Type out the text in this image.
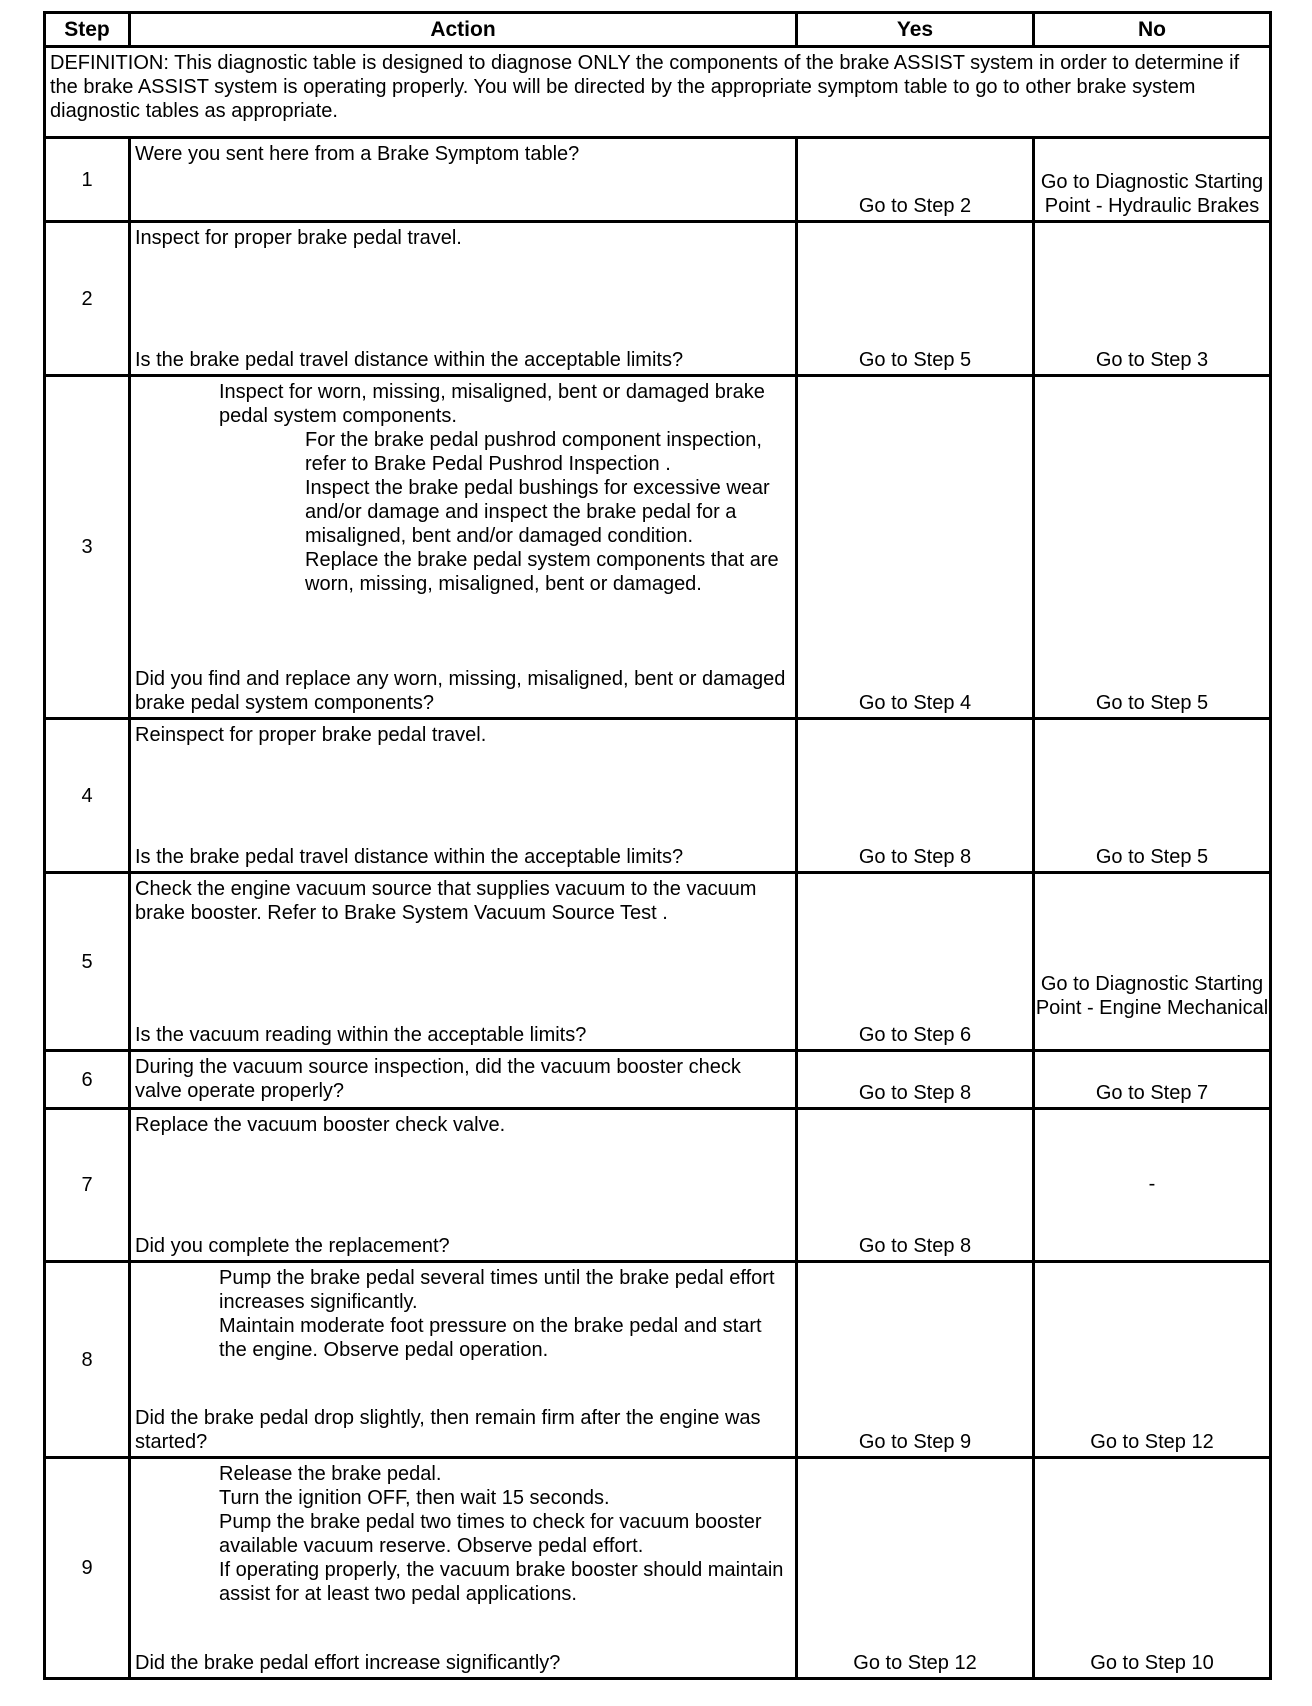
Step	Action	Yes	No
DEFINITION: This diagnostic table is designed to diagnose ONLY the components of the brake ASSIST system in order to determine if the brake ASSIST system is operating properly. You will be directed by the appropriate symptom table to go to other brake system diagnostic tables as appropriate.			
1	Were you sent here from a Brake Symptom table?	Go to Step 2	Go to Diagnostic Starting Point - Hydraulic Brakes
2	Inspect for proper brake pedal travel.
Is the brake pedal travel distance within the acceptable limits?	Go to Step 5	Go to Step 3
3	Inspect for worn, missing, misaligned, bent or damaged brake pedal system components.
For the brake pedal pushrod component inspection, refer to Brake Pedal Pushrod Inspection .
Inspect the brake pedal bushings for excessive wear and/or damage and inspect the brake pedal for a misaligned, bent and/or damaged condition.
Replace the brake pedal system components that are worn, missing, misaligned, bent or damaged.
Did you find and replace any worn, missing, misaligned, bent or damaged brake pedal system components?	Go to Step 4	Go to Step 5
4	Reinspect for proper brake pedal travel.
Is the brake pedal travel distance within the acceptable limits?	Go to Step 8	Go to Step 5
5	Check the engine vacuum source that supplies vacuum to the vacuum brake booster. Refer to Brake System Vacuum Source Test .
Is the vacuum reading within the acceptable limits?	Go to Step 6	Go to Diagnostic Starting Point - Engine Mechanical
6	During the vacuum source inspection, did the vacuum booster check valve operate properly?	Go to Step 8	Go to Step 7
7	Replace the vacuum booster check valve.
Did you complete the replacement?	Go to Step 8	-
8	Pump the brake pedal several times until the brake pedal effort increases significantly.
Maintain moderate foot pressure on the brake pedal and start the engine. Observe pedal operation.
Did the brake pedal drop slightly, then remain firm after the engine was started?	Go to Step 9	Go to Step 12
9	Release the brake pedal.
Turn the ignition OFF, then wait 15 seconds.
Pump the brake pedal two times to check for vacuum booster available vacuum reserve. Observe pedal effort.
If operating properly, the vacuum brake booster should maintain assist for at least two pedal applications.
Did the brake pedal effort increase significantly?	Go to Step 12	Go to Step 10
